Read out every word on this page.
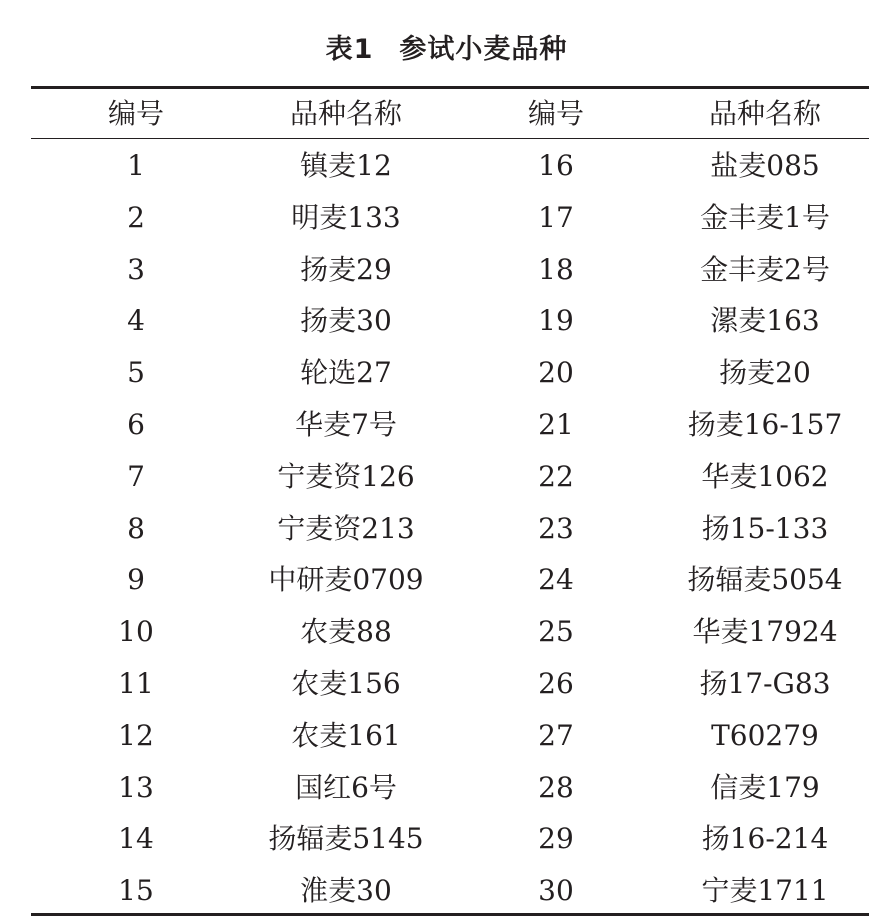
表1 参试小麦品种
编号	品种名称	编号	品种名称
1	镇麦12	16	盐麦085
2	明麦133	17	金丰麦1号
3	扬麦29	18	金丰麦2号
4	扬麦30	19	漯麦163
5	轮选27	20	扬麦20
6	华麦7号	21	扬麦16-157
7	宁麦资126	22	华麦1062
8	宁麦资213	23	扬15-133
9	中研麦0709	24	扬辐麦5054
10	农麦88	25	华麦17924
11	农麦156	26	扬17-G83
12	农麦161	27	T60279
13	国红6号	28	信麦179
14	扬辐麦5145	29	扬16-214
15	淮麦30	30	宁麦1711
